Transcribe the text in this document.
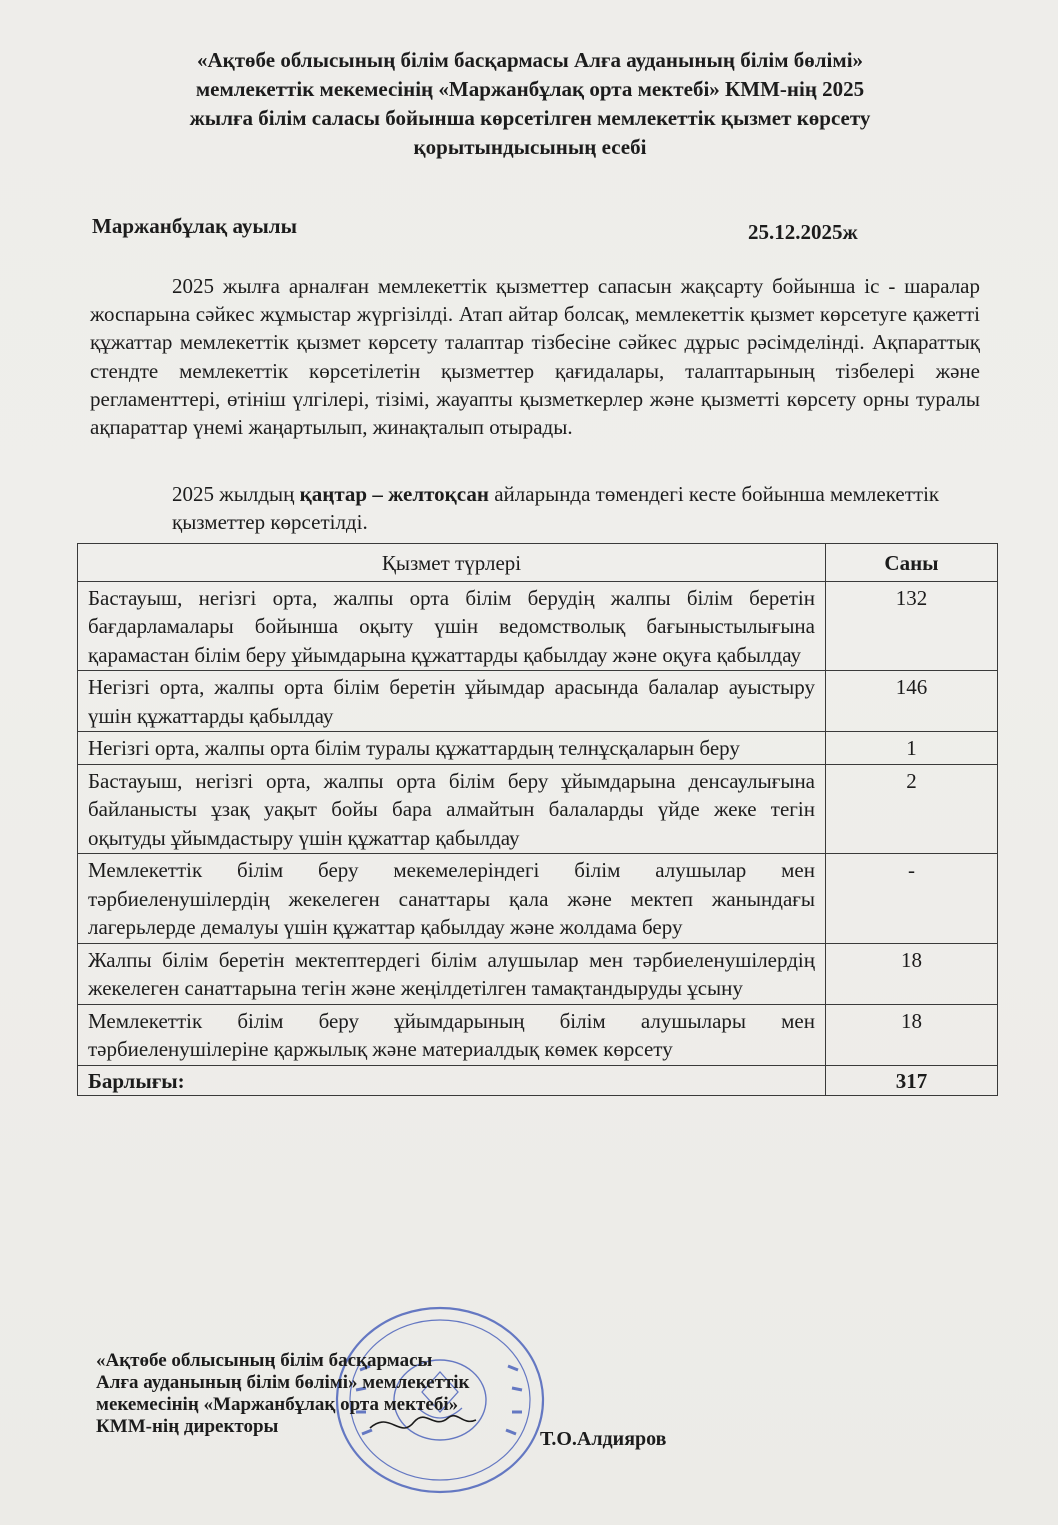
«Ақтөбе облысының білім басқармасы Алға ауданының білім бөлімі»
мемлекеттік мекемесінің «Маржанбұлақ орта мектебі» КММ-нің 2025
жылға білім саласы бойынша көрсетілген мемлекеттік қызмет көрсету
қорытындысының есебі
Маржанбұлақ ауылы	25.12.2025ж

2025 жылға арналған мемлекеттік қызметтер сапасын жақсарту бойынша іс - шаралар жоспарына сәйкес жұмыстар жүргізілді. Атап айтар болсақ, мемлекеттік қызмет көрсетуге қажетті құжаттар мемлекеттік қызмет көрсету талаптар тізбесіне сәйкес дұрыс рәсімделінді. Ақпараттық стендте мемлекеттік көрсетілетін қызметтер қағидалары, талаптарының тізбелері және регламенттері, өтініш үлгілері, тізімі, жауапты қызметкерлер және қызметті көрсету орны туралы ақпараттар үнемі жаңартылып, жинақталып отырады.

2025 жылдың қаңтар – желтоқсан айларында төмендегі кесте бойынша мемлекеттік қызметтер көрсетілді.

Қызмет түрлері	Саны
Бастауыш, негізгі орта, жалпы орта білім берудің жалпы білім беретін бағдарламалары бойынша оқыту үшін ведомстволық бағыныстылығына қарамастан білім беру ұйымдарына құжаттарды қабылдау және оқуға қабылдау	132
Негізгі орта, жалпы орта білім беретін ұйымдар арасында балалар ауыстыру үшін құжаттарды қабылдау	146
Негізгі орта, жалпы орта білім туралы құжаттардың телнұсқаларын беру	1
Бастауыш, негізгі орта, жалпы орта білім беру ұйымдарына денсаулығына байланысты ұзақ уақыт бойы бара алмайтын балаларды үйде жеке тегін оқытуды ұйымдастыру үшін құжаттар қабылдау	2
Мемлекеттік білім беру мекемелеріндегі білім алушылар мен тәрбиеленушілердің жекелеген санаттары қала және мектеп жанындағы лагерьлерде демалуы үшін құжаттар қабылдау және жолдама беру	-
Жалпы білім беретін мектептердегі білім алушылар мен тәрбиеленушілердің жекелеген санаттарына тегін және жеңілдетілген тамақтандыруды ұсыну	18
Мемлекеттік білім беру ұйымдарының білім алушылары мен тәрбиеленушілеріне қаржылық және материалдық көмек көрсету	18
Барлығы:	317
«Ақтөбе облысының білім басқармасы
Алға ауданының білім бөлімі» мемлекеттік
мекемесінің «Маржанбұлақ орта мектебі»
КММ-нің директоры
Т.О.Алдияров
